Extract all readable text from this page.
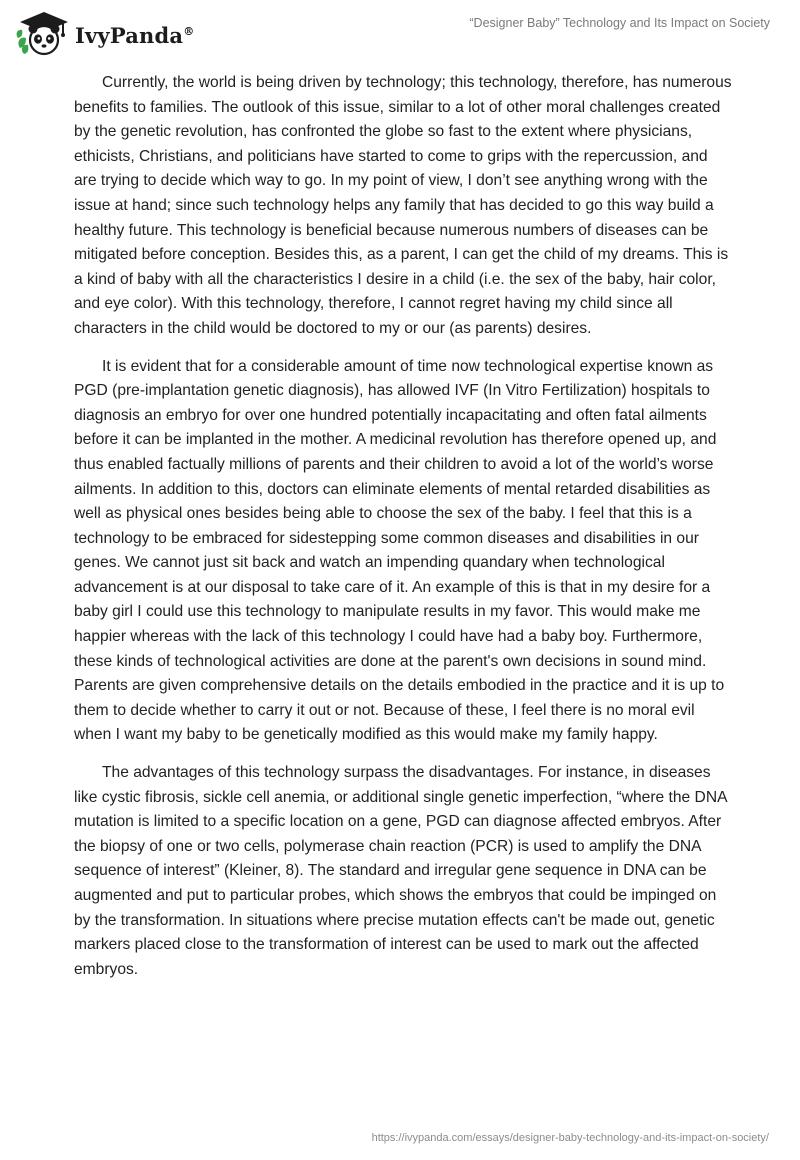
IvyPanda®
“Designer Baby” Technology and Its Impact on Society

Currently, the world is being driven by technology; this technology, therefore, has numerous benefits to families. The outlook of this issue, similar to a lot of other moral challenges created by the genetic revolution, has confronted the globe so fast to the extent where physicians, ethicists, Christians, and politicians have started to come to grips with the repercussion, and are trying to decide which way to go. In my point of view, I don’t see anything wrong with the issue at hand; since such technology helps any family that has decided to go this way build a healthy future. This technology is beneficial because numerous numbers of diseases can be mitigated before conception. Besides this, as a parent, I can get the child of my dreams. This is a kind of baby with all the characteristics I desire in a child (i.e. the sex of the baby, hair color, and eye color). With this technology, therefore, I cannot regret having my child since all characters in the child would be doctored to my or our (as parents) desires.

It is evident that for a considerable amount of time now technological expertise known as PGD (pre-implantation genetic diagnosis), has allowed IVF (In Vitro Fertilization) hospitals to diagnosis an embryo for over one hundred potentially incapacitating and often fatal ailments before it can be implanted in the mother. A medicinal revolution has therefore opened up, and thus enabled factually millions of parents and their children to avoid a lot of the world’s worse ailments. In addition to this, doctors can eliminate elements of mental retarded disabilities as well as physical ones besides being able to choose the sex of the baby. I feel that this is a technology to be embraced for sidestepping some common diseases and disabilities in our genes. We cannot just sit back and watch an impending quandary when technological advancement is at our disposal to take care of it. An example of this is that in my desire for a baby girl I could use this technology to manipulate results in my favor. This would make me happier whereas with the lack of this technology I could have had a baby boy. Furthermore, these kinds of technological activities are done at the parent's own decisions in sound mind. Parents are given comprehensive details on the details embodied in the practice and it is up to them to decide whether to carry it out or not. Because of these, I feel there is no moral evil when I want my baby to be genetically modified as this would make my family happy.

The advantages of this technology surpass the disadvantages. For instance, in diseases like cystic fibrosis, sickle cell anemia, or additional single genetic imperfection, “where the DNA mutation is limited to a specific location on a gene, PGD can diagnose affected embryos. After the biopsy of one or two cells, polymerase chain reaction (PCR) is used to amplify the DNA sequence of interest” (Kleiner, 8). The standard and irregular gene sequence in DNA can be augmented and put to particular probes, which shows the embryos that could be impinged on by the transformation. In situations where precise mutation effects can't be made out, genetic markers placed close to the transformation of interest can be used to mark out the affected embryos.

https://ivypanda.com/essays/designer-baby-technology-and-its-impact-on-society/
